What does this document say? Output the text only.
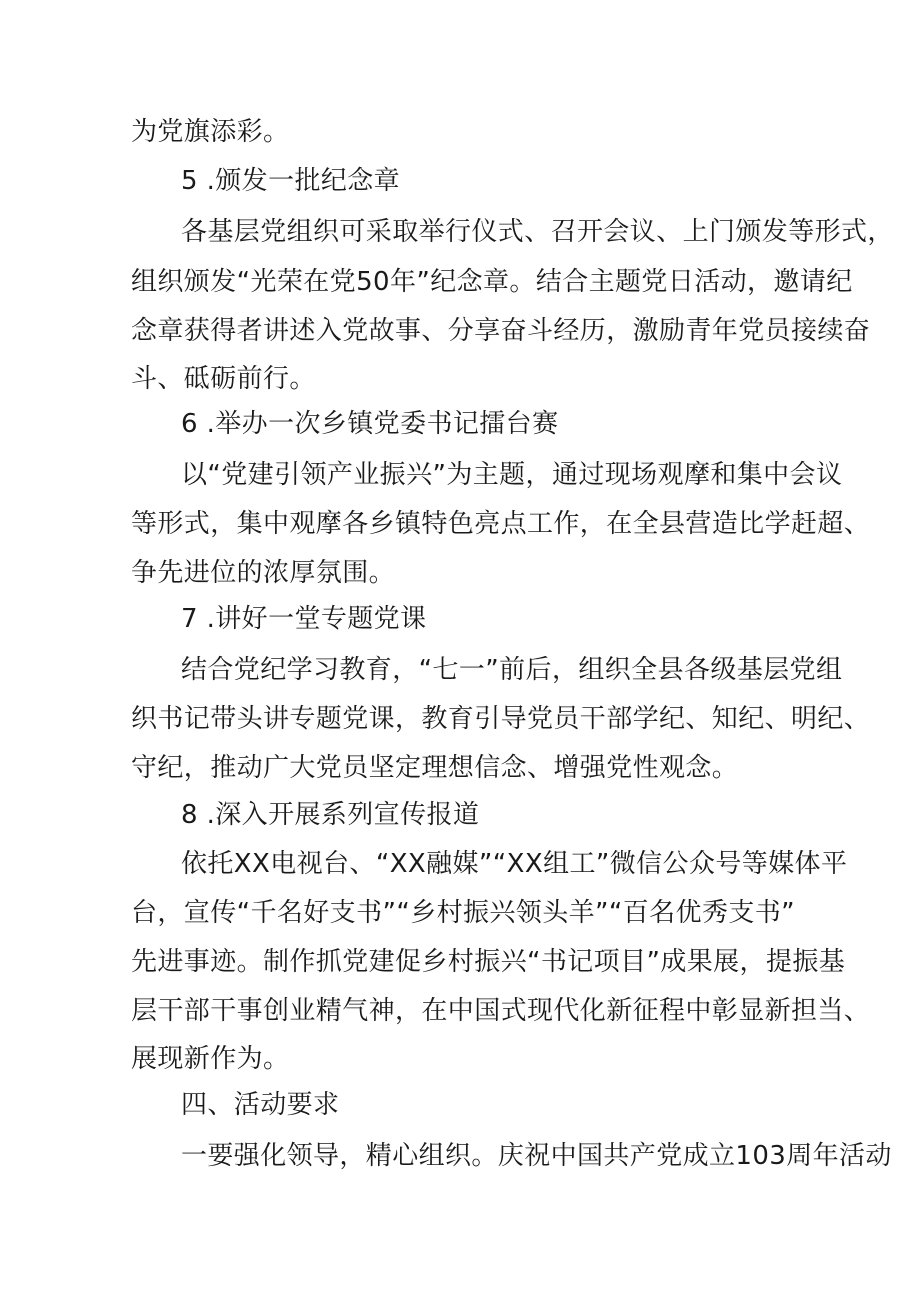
为党旗添彩。
5 .颁发一批纪念章
各基层党组织可采取举行仪式、召开会议、上门颁发等形式，
组织颁发“光荣在党50年”纪念章。结合主题党日活动，邀请纪
念章获得者讲述入党故事、分享奋斗经历，激励青年党员接续奋
斗、砥砺前行。
6 .举办一次乡镇党委书记擂台赛
以“党建引领产业振兴”为主题，通过现场观摩和集中会议
等形式，集中观摩各乡镇特色亮点工作，在全县营造比学赶超、
争先进位的浓厚氛围。
7 .讲好一堂专题党课
结合党纪学习教育，“七一”前后，组织全县各级基层党组
织书记带头讲专题党课，教育引导党员干部学纪、知纪、明纪、
守纪，推动广大党员坚定理想信念、增强党性观念。
8 .深入开展系列宣传报道
依托XX电视台、“XX融媒”“XX组工”微信公众号等媒体平
台，宣传“千名好支书”“乡村振兴领头羊”“百名优秀支书”
先进事迹。制作抓党建促乡村振兴“书记项目”成果展，提振基
层干部干事创业精气神，在中国式现代化新征程中彰显新担当、
展现新作为。
四、活动要求
一要强化领导，精心组织。庆祝中国共产党成立103周年活动
